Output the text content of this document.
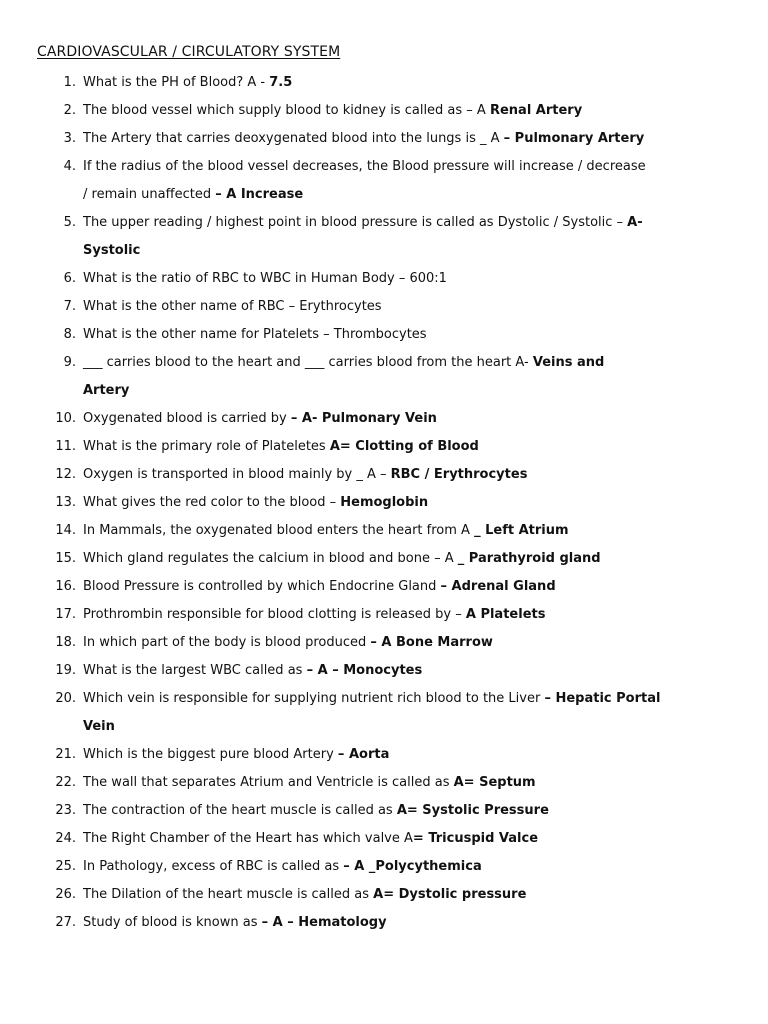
CARDIOVASCULAR / CIRCULATORY SYSTEM
1. What is the PH of Blood? A - 7.5
2. The blood vessel which supply blood to kidney is called as – A Renal Artery
3. The Artery that carries deoxygenated blood into the lungs is _ A – Pulmonary Artery
4. If the radius of the blood vessel decreases, the Blood pressure will increase / decrease
/ remain unaffected – A Increase
5. The upper reading / highest point in blood pressure is called as Dystolic / Systolic – A-
Systolic
6. What is the ratio of RBC to WBC in Human Body – 600:1
7. What is the other name of RBC – Erythrocytes
8. What is the other name for Platelets – Thrombocytes
9. ___ carries blood to the heart and ___ carries blood from the heart A- Veins and
Artery
10. Oxygenated blood is carried by – A- Pulmonary Vein
11. What is the primary role of Plateletes A= Clotting of Blood
12. Oxygen is transported in blood mainly by _ A – RBC / Erythrocytes
13. What gives the red color to the blood – Hemoglobin
14. In Mammals, the oxygenated blood enters the heart from A _ Left Atrium
15. Which gland regulates the calcium in blood and bone – A _ Parathyroid gland
16. Blood Pressure is controlled by which Endocrine Gland – Adrenal Gland
17. Prothrombin responsible for blood clotting is released by – A Platelets
18. In which part of the body is blood produced – A Bone Marrow
19. What is the largest WBC called as – A – Monocytes
20. Which vein is responsible for supplying nutrient rich blood to the Liver – Hepatic Portal
Vein
21. Which is the biggest pure blood Artery – Aorta
22. The wall that separates Atrium and Ventricle is called as A= Septum
23. The contraction of the heart muscle is called as A= Systolic Pressure
24. The Right Chamber of the Heart has which valve A= Tricuspid Valce
25. In Pathology, excess of RBC is called as – A _Polycythemica
26. The Dilation of the heart muscle is called as A= Dystolic pressure
27. Study of blood is known as – A – Hematology
